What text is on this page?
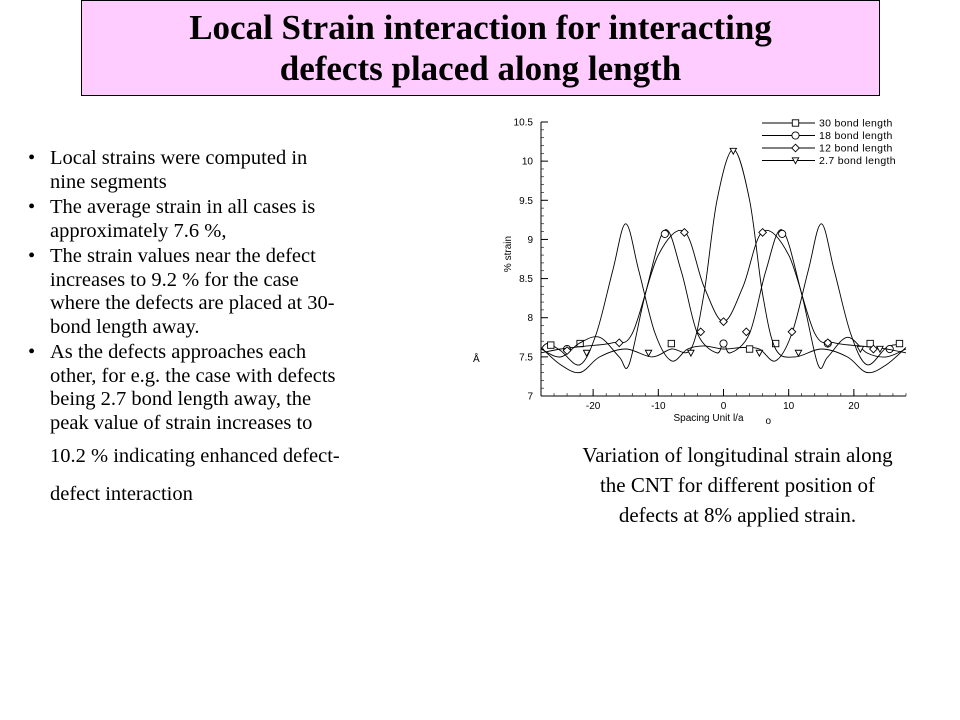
Local Strain interaction for interacting
defects placed along length
• Local strains were computed in
nine segments
• The average strain in all cases is
approximately 7.6 %,
• The strain values near the defect
increases to 9.2 % for the case
where the defects are placed at 30-
bond length away.
• As the defects approaches each
other, for e.g. the case with defects
being 2.7 bond length away, the
peak value of strain increases to
10.2 % indicating enhanced defect-
defect interaction
7
7.5
8
8.5
9
9.5
10
10.5
-20	-10	0	10	20
Spacing Unit l/a o
% strain
Å
30 bond length
18 bond length
12 bond length
2.7 bond length
Variation of longitudinal strain along
the CNT for different position of
defects at 8% applied strain.
